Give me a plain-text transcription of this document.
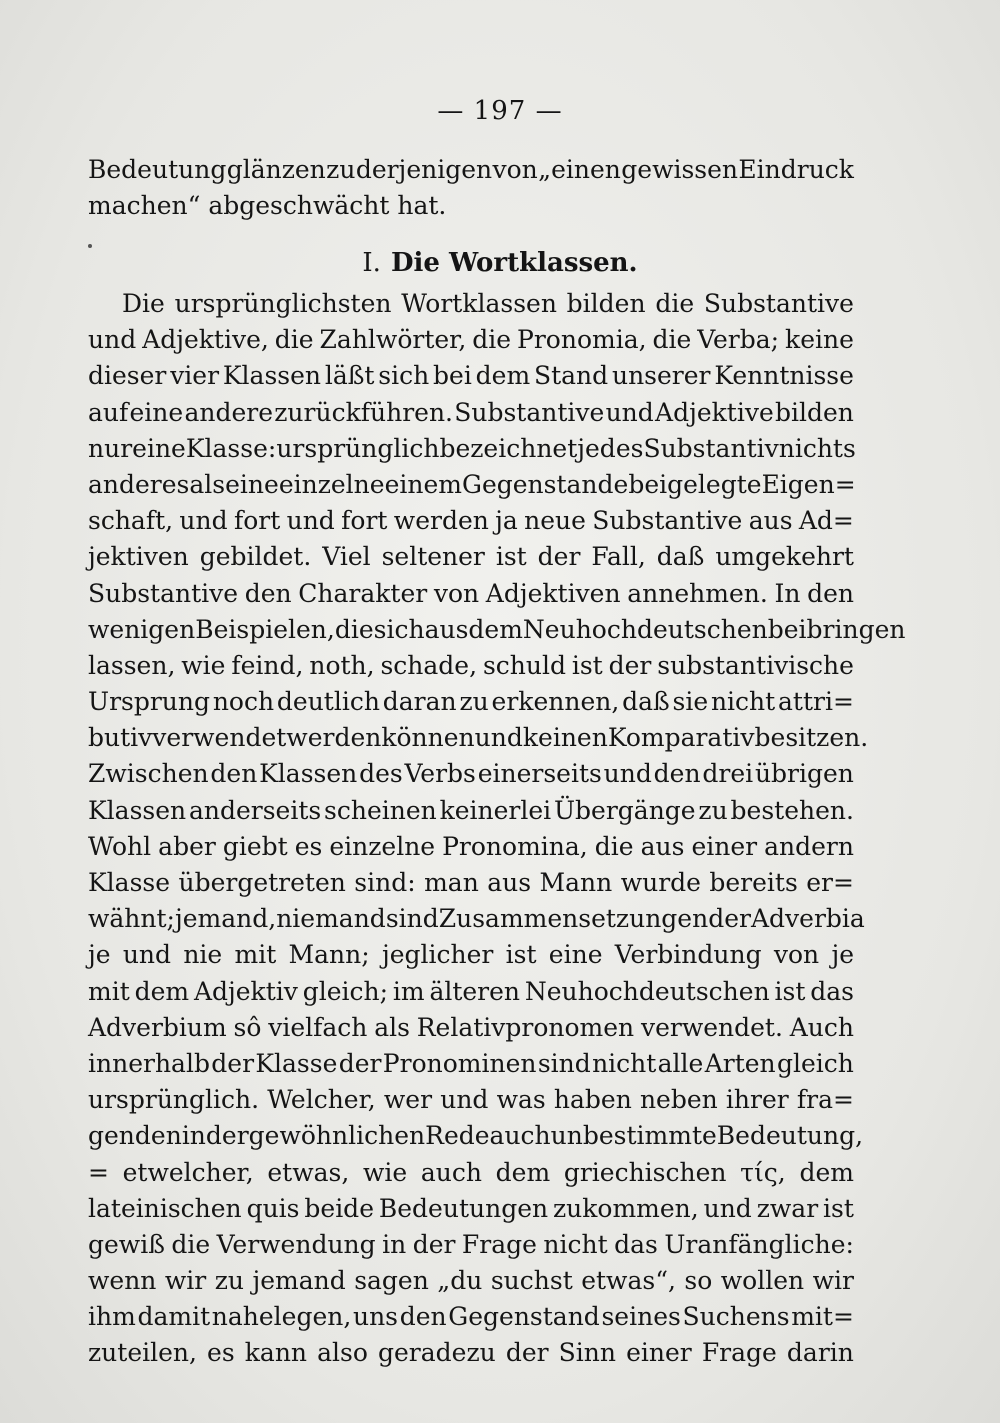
— 197 —
Bedeutung glänzen zu derjenigen von „einen gewissen Eindruck
machen“ abgeschwächt hat.
I. Die Wortklassen.
Die ursprünglichsten Wortklassen bilden die Substantive
und Adjektive, die Zahlwörter, die Pronomia, die Verba; keine
dieser vier Klassen läßt sich bei dem Stand unserer Kenntnisse
auf eine andere zurückführen. Substantive und Adjektive bilden
nur eine Klasse: ursprünglich bezeichnet jedes Substantiv nichts
anderes als eine einzelne einem Gegenstande beigelegte Eigen=
schaft, und fort und fort werden ja neue Substantive aus Ad=
jektiven gebildet. Viel seltener ist der Fall, daß umgekehrt
Substantive den Charakter von Adjektiven annehmen. In den
wenigen Beispielen, die sich aus dem Neuhochdeutschen beibringen
lassen, wie feind, noth, schade, schuld ist der substantivische
Ursprung noch deutlich daran zu erkennen, daß sie nicht attri=
butiv verwendet werden können und keinen Komparativ besitzen.
Zwischen den Klassen des Verbs einerseits und den drei übrigen
Klassen anderseits scheinen keinerlei Übergänge zu bestehen.
Wohl aber giebt es einzelne Pronomina, die aus einer andern
Klasse übergetreten sind: man aus Mann wurde bereits er=
wähnt; jemand, niemand sind Zusammensetzungen der Adverbia
je und nie mit Mann; jeglicher ist eine Verbindung von je
mit dem Adjektiv gleich; im älteren Neuhochdeutschen ist das
Adverbium sô vielfach als Relativpronomen verwendet. Auch
innerhalb der Klasse der Pronominen sind nicht alle Arten gleich
ursprünglich. Welcher, wer und was haben neben ihrer fra=
genden in der gewöhnlichen Rede auch unbestimmte Bedeutung,
= etwelcher, etwas, wie auch dem griechischen τίς, dem
lateinischen quis beide Bedeutungen zukommen, und zwar ist
gewiß die Verwendung in der Frage nicht das Uranfängliche:
wenn wir zu jemand sagen „du suchst etwas“, so wollen wir
ihm damit nahelegen, uns den Gegenstand seines Suchens mit=
zuteilen, es kann also geradezu der Sinn einer Frage darin
